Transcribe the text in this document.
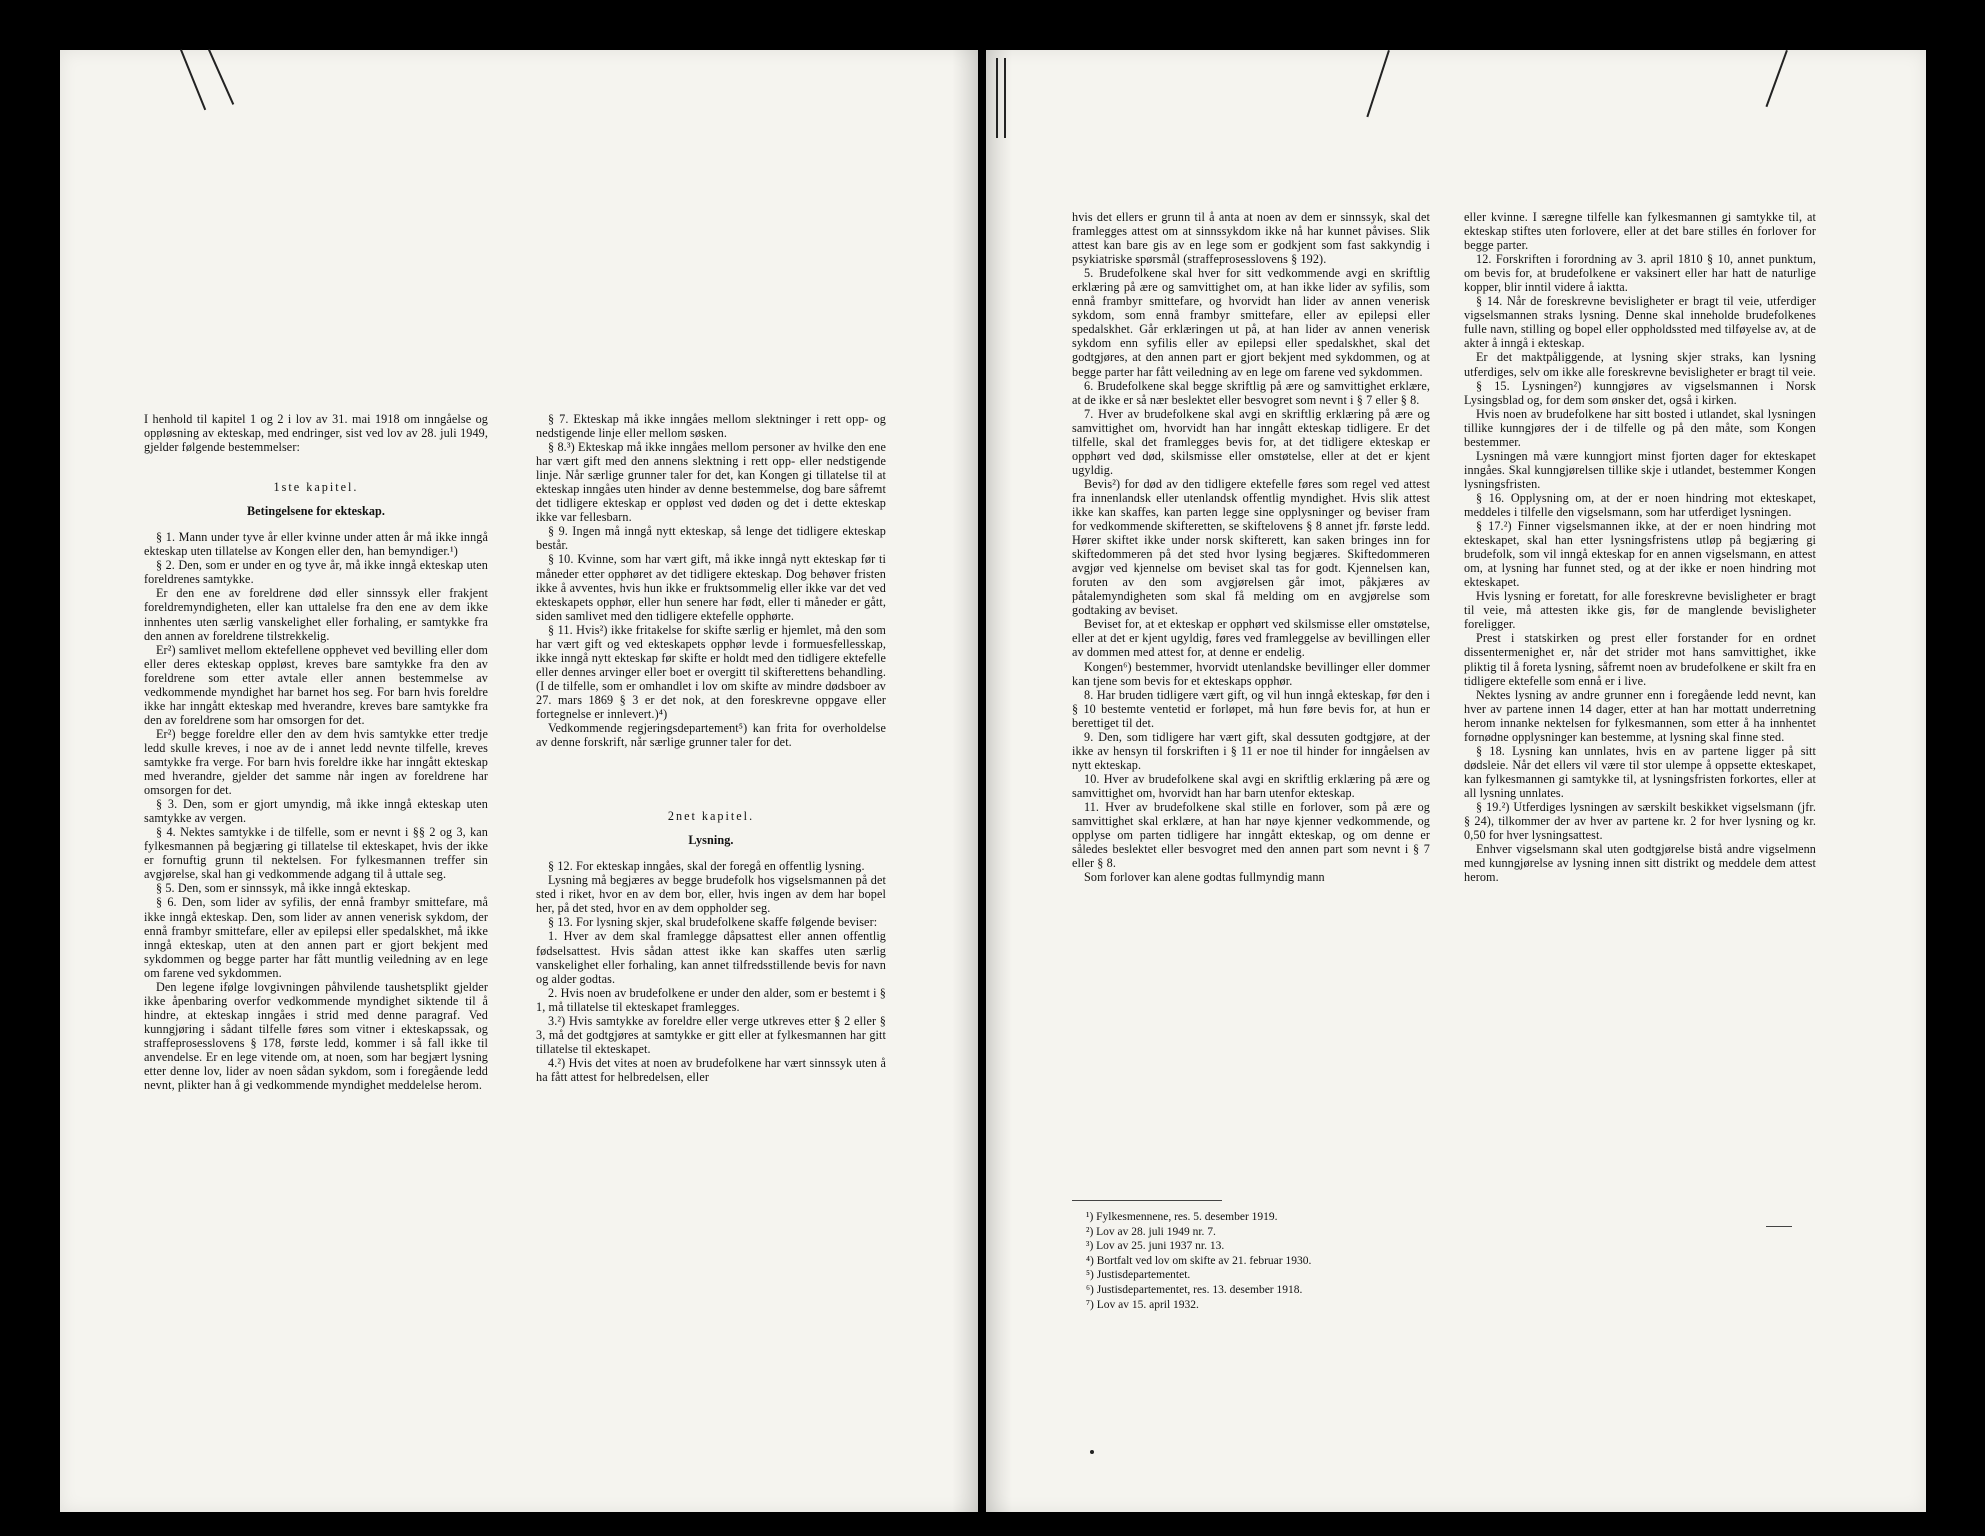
I henhold til kapitel 1 og 2 i lov av 31. mai 1918 om inngåelse og oppløsning av ekteskap, med endringer, sist ved lov av 28. juli 1949, gjelder følgende bestemmelser:

1ste kapitel.

Betingelsene for ekteskap.

§ 1. Mann under tyve år eller kvinne under atten år må ikke inngå ekteskap uten tillatelse av Kongen eller den, han bemyndiger.¹)

§ 2. Den, som er under en og tyve år, må ikke inngå ekteskap uten foreldrenes samtykke.

Er den ene av foreldrene død eller sinnssyk eller frakjent foreldremyndigheten, eller kan uttalelse fra den ene av dem ikke innhentes uten særlig vanskelighet eller forhaling, er samtykke fra den annen av foreldrene tilstrekkelig.

Er²) samlivet mellom ektefellene opphevet ved bevilling eller dom eller deres ekteskap oppløst, kreves bare samtykke fra den av foreldrene som etter avtale eller annen bestemmelse av vedkommende myndighet har barnet hos seg. For barn hvis foreldre ikke har inngått ekteskap med hverandre, kreves bare samtykke fra den av foreldrene som har omsorgen for det.

Er²) begge foreldre eller den av dem hvis samtykke etter tredje ledd skulle kreves, i noe av de i annet ledd nevnte tilfelle, kreves samtykke fra verge. For barn hvis foreldre ikke har inngått ekteskap med hverandre, gjelder det samme når ingen av foreldrene har omsorgen for det.

§ 3. Den, som er gjort umyndig, må ikke inngå ekteskap uten samtykke av vergen.

§ 4. Nektes samtykke i de tilfelle, som er nevnt i §§ 2 og 3, kan fylkesmannen på begjæring gi tillatelse til ekteskapet, hvis der ikke er fornuftig grunn til nektelsen. For fylkesmannen treffer sin avgjørelse, skal han gi vedkommende adgang til å uttale seg.

§ 5. Den, som er sinnssyk, må ikke inngå ekteskap.

§ 6. Den, som lider av syfilis, der ennå frambyr smittefare, må ikke inngå ekteskap. Den, som lider av annen venerisk sykdom, der ennå frambyr smittefare, eller av epilepsi eller spedalskhet, må ikke inngå ekteskap, uten at den annen part er gjort bekjent med sykdommen og begge parter har fått muntlig veiledning av en lege om farene ved sykdommen.

Den legene ifølge lovgivningen påhvilende taushetsplikt gjelder ikke åpenbaring overfor vedkommende myndighet siktende til å hindre, at ekteskap inngåes i strid med denne paragraf. Ved kunngjøring i sådant tilfelle føres som vitner i ekteskapssak, og straffeprosesslovens § 178, første ledd, kommer i så fall ikke til anvendelse. Er en lege vitende om, at noen, som har begjært lysning etter denne lov, lider av noen sådan sykdom, som i foregående ledd nevnt, plikter han å gi vedkommende myndighet meddelelse herom.

§ 7. Ekteskap må ikke inngåes mellom slektninger i rett opp- og nedstigende linje eller mellom søsken.

§ 8.³) Ekteskap må ikke inngåes mellom personer av hvilke den ene har vært gift med den annens slektning i rett opp- eller nedstigende linje. Når særlige grunner taler for det, kan Kongen gi tillatelse til at ekteskap inngåes uten hinder av denne bestemmelse, dog bare såfremt det tidligere ekteskap er oppløst ved døden og det i dette ekteskap ikke var fellesbarn.

§ 9. Ingen må inngå nytt ekteskap, så lenge det tidligere ekteskap består.

§ 10. Kvinne, som har vært gift, må ikke inngå nytt ekteskap før ti måneder etter opphøret av det tidligere ekteskap. Dog behøver fristen ikke å avventes, hvis hun ikke er fruktsommelig eller ikke var det ved ekteskapets opphør, eller hun senere har født, eller ti måneder er gått, siden samlivet med den tidligere ektefelle opphørte.

§ 11. Hvis²) ikke fritakelse for skifte særlig er hjemlet, må den som har vært gift og ved ekteskapets opphør levde i formuesfellesskap, ikke inngå nytt ekteskap før skifte er holdt med den tidligere ektefelle eller dennes arvinger eller boet er overgitt til skifterettens behandling. (I de tilfelle, som er omhandlet i lov om skifte av mindre dødsboer av 27. mars 1869 § 3 er det nok, at den foreskrevne oppgave eller fortegnelse er innlevert.)⁴)

Vedkommende regjeringsdepartement⁵) kan frita for overholdelse av denne forskrift, når særlige grunner taler for det.

2net kapitel.

Lysning.

§ 12. For ekteskap inngåes, skal der foregå en offentlig lysning.

Lysning må begjæres av begge brudefolk hos vigselsmannen på det sted i riket, hvor en av dem bor, eller, hvis ingen av dem har bopel her, på det sted, hvor en av dem oppholder seg.

§ 13. For lysning skjer, skal brudefolkene skaffe følgende beviser:

1. Hver av dem skal framlegge dåpsattest eller annen offentlig fødselsattest. Hvis sådan attest ikke kan skaffes uten særlig vanskelighet eller forhaling, kan annet tilfredsstillende bevis for navn og alder godtas.

2. Hvis noen av brudefolkene er under den alder, som er bestemt i § 1, må tillatelse til ekteskapet framlegges.

3.²) Hvis samtykke av foreldre eller verge utkreves etter § 2 eller § 3, må det godtgjøres at samtykke er gitt eller at fylkesmannen har gitt tillatelse til ekteskapet.

4.²) Hvis det vites at noen av brudefolkene har vært sinnssyk uten å ha fått attest for helbredelsen, eller

hvis det ellers er grunn til å anta at noen av dem er sinnssyk, skal det framlegges attest om at sinnssykdom ikke nå har kunnet påvises. Slik attest kan bare gis av en lege som er godkjent som fast sakkyndig i psykiatriske spørsmål (straffeprosesslovens § 192).

5. Brudefolkene skal hver for sitt vedkommende avgi en skriftlig erklæring på ære og samvittighet om, at han ikke lider av syfilis, som ennå frambyr smittefare, og hvorvidt han lider av annen venerisk sykdom, som ennå frambyr smittefare, eller av epilepsi eller spedalskhet. Går erklæringen ut på, at han lider av annen venerisk sykdom enn syfilis eller av epilepsi eller spedalskhet, skal det godtgjøres, at den annen part er gjort bekjent med sykdommen, og at begge parter har fått veiledning av en lege om farene ved sykdommen.

6. Brudefolkene skal begge skriftlig på ære og samvittighet erklære, at de ikke er så nær beslektet eller besvogret som nevnt i § 7 eller § 8.

7. Hver av brudefolkene skal avgi en skriftlig erklæring på ære og samvittighet om, hvorvidt han har inngått ekteskap tidligere. Er det tilfelle, skal det framlegges bevis for, at det tidligere ekteskap er opphørt ved død, skilsmisse eller omstøtelse, eller at det er kjent ugyldig.

Bevis²) for død av den tidligere ektefelle føres som regel ved attest fra innenlandsk eller utenlandsk offentlig myndighet. Hvis slik attest ikke kan skaffes, kan parten legge sine opplysninger og beviser fram for vedkommende skifteretten, se skiftelovens § 8 annet jfr. første ledd. Hører skiftet ikke under norsk skifterett, kan saken bringes inn for skiftedommeren på det sted hvor lysing begjæres. Skiftedommeren avgjør ved kjennelse om beviset skal tas for godt. Kjennelsen kan, foruten av den som avgjørelsen går imot, påkjæres av påtalemyndigheten som skal få melding om en avgjørelse som godtaking av beviset.

Beviset for, at et ekteskap er opphørt ved skilsmisse eller omstøtelse, eller at det er kjent ugyldig, føres ved framleggelse av bevillingen eller av dommen med attest for, at denne er endelig.

Kongen⁶) bestemmer, hvorvidt utenlandske bevillinger eller dommer kan tjene som bevis for et ekteskaps opphør.

8. Har bruden tidligere vært gift, og vil hun inngå ekteskap, før den i § 10 bestemte ventetid er forløpet, må hun føre bevis for, at hun er berettiget til det.

9. Den, som tidligere har vært gift, skal dessuten godtgjøre, at der ikke av hensyn til forskriften i § 11 er noe til hinder for inngåelsen av nytt ekteskap.

10. Hver av brudefolkene skal avgi en skriftlig erklæring på ære og samvittighet om, hvorvidt han har barn utenfor ekteskap.

11. Hver av brudefolkene skal stille en forlover, som på ære og samvittighet skal erklære, at han har nøye kjenner vedkommende, og opplyse om parten tidligere har inngått ekteskap, og om denne er således beslektet eller besvogret med den annen part som nevnt i § 7 eller § 8.

Som forlover kan alene godtas fullmyndig mann

eller kvinne. I særegne tilfelle kan fylkesmannen gi samtykke til, at ekteskap stiftes uten forlovere, eller at det bare stilles én forlover for begge parter.

12. Forskriften i forordning av 3. april 1810 § 10, annet punktum, om bevis for, at brudefolkene er vaksinert eller har hatt de naturlige kopper, blir inntil videre å iaktta.

§ 14. Når de foreskrevne bevisligheter er bragt til veie, utferdiger vigselsmannen straks lysning. Denne skal inneholde brudefolkenes fulle navn, stilling og bopel eller oppholdssted med tilføyelse av, at de akter å inngå i ekteskap.

Er det maktpåliggende, at lysning skjer straks, kan lysning utferdiges, selv om ikke alle foreskrevne bevisligheter er bragt til veie.

§ 15. Lysningen²) kunngjøres av vigselsmannen i Norsk Lysingsblad og, for dem som ønsker det, også i kirken.

Hvis noen av brudefolkene har sitt bosted i utlandet, skal lysningen tillike kunngjøres der i de tilfelle og på den måte, som Kongen bestemmer.

Lysningen må være kunngjort minst fjorten dager for ekteskapet inngåes. Skal kunngjørelsen tillike skje i utlandet, bestemmer Kongen lysningsfristen.

§ 16. Opplysning om, at der er noen hindring mot ekteskapet, meddeles i tilfelle den vigselsmann, som har utferdiget lysningen.

§ 17.²) Finner vigselsmannen ikke, at der er noen hindring mot ekteskapet, skal han etter lysningsfristens utløp på begjæring gi brudefolk, som vil inngå ekteskap for en annen vigselsmann, en attest om, at lysning har funnet sted, og at der ikke er noen hindring mot ekteskapet.

Hvis lysning er foretatt, for alle foreskrevne bevisligheter er bragt til veie, må attesten ikke gis, før de manglende bevisligheter foreligger.

Prest i statskirken og prest eller forstander for en ordnet dissentermenighet er, når det strider mot hans samvittighet, ikke pliktig til å foreta lysning, såfremt noen av brudefolkene er skilt fra en tidligere ektefelle som ennå er i live.

Nektes lysning av andre grunner enn i foregående ledd nevnt, kan hver av partene innen 14 dager, etter at han har mottatt underretning herom innanke nektelsen for fylkesmannen, som etter å ha innhentet fornødne opplysninger kan bestemme, at lysning skal finne sted.

§ 18. Lysning kan unnlates, hvis en av partene ligger på sitt dødsleie. Når det ellers vil være til stor ulempe å oppsette ekteskapet, kan fylkesmannen gi samtykke til, at lysningsfristen forkortes, eller at all lysning unnlates.

§ 19.²) Utferdiges lysningen av særskilt beskikket vigselsmann (jfr. § 24), tilkommer der av hver av partene kr. 2 for hver lysning og kr. 0,50 for hver lysningsattest.

Enhver vigselsmann skal uten godtgjørelse bistå andre vigselmenn med kunngjørelse av lysning innen sitt distrikt og meddele dem attest herom.

¹) Fylkesmennene, res. 5. desember 1919.
²) Lov av 28. juli 1949 nr. 7.
³) Lov av 25. juni 1937 nr. 13.
⁴) Bortfalt ved lov om skifte av 21. februar 1930.
⁵) Justisdepartementet.
⁶) Justisdepartementet, res. 13. desember 1918.
⁷) Lov av 15. april 1932.
